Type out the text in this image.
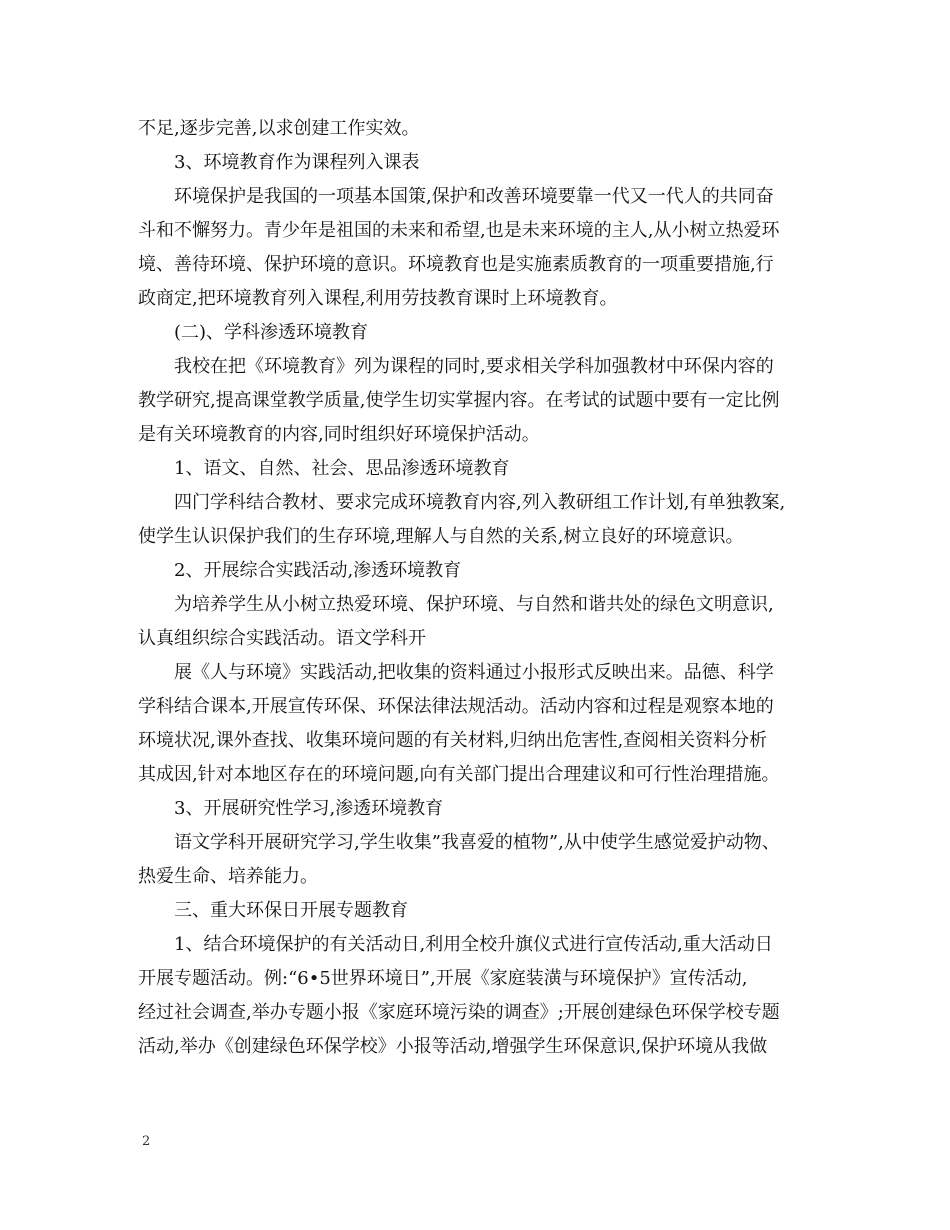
不足,逐步完善,以求创建工作实效。
3、环境教育作为课程列入课表
环境保护是我国的一项基本国策,保护和改善环境要靠一代又一代人的共同奋
斗和不懈努力。青少年是祖国的未来和希望,也是未来环境的主人,从小树立热爱环
境、善待环境、保护环境的意识。环境教育也是实施素质教育的一项重要措施,行
政商定,把环境教育列入课程,利用劳技教育课时上环境教育。
(二)、学科渗透环境教育
我校在把《环境教育》列为课程的同时,要求相关学科加强教材中环保内容的
教学研究,提高课堂教学质量,使学生切实掌握内容。在考试的试题中要有一定比例
是有关环境教育的内容,同时组织好环境保护活动。
1、语文、自然、社会、思品渗透环境教育
四门学科结合教材、要求完成环境教育内容,列入教研组工作计划,有单独教案,
使学生认识保护我们的生存环境,理解人与自然的关系,树立良好的环境意识。
2、开展综合实践活动,渗透环境教育
为培养学生从小树立热爱环境、保护环境、与自然和谐共处的绿色文明意识,
认真组织综合实践活动。语文学科开
展《人与环境》实践活动,把收集的资料通过小报形式反映出来。品德、科学
学科结合课本,开展宣传环保、环保法律法规活动。活动内容和过程是观察本地的
环境状况,课外查找、收集环境问题的有关材料,归纳出危害性,查阅相关资料分析
其成因,针对本地区存在的环境问题,向有关部门提出合理建议和可行性治理措施。
3、开展研究性学习,渗透环境教育
语文学科开展研究学习,学生收集”我喜爱的植物”,从中使学生感觉爱护动物、
热爱生命、培养能力。
三、重大环保日开展专题教育
1、结合环境保护的有关活动日,利用全校升旗仪式进行宣传活动,重大活动日
开展专题活动。例:“6•5世界环境日”,开展《家庭装潢与环境保护》宣传活动,
经过社会调查,举办专题小报《家庭环境污染的调查》;开展创建绿色环保学校专题
活动,举办《创建绿色环保学校》小报等活动,增强学生环保意识,保护环境从我做
2
